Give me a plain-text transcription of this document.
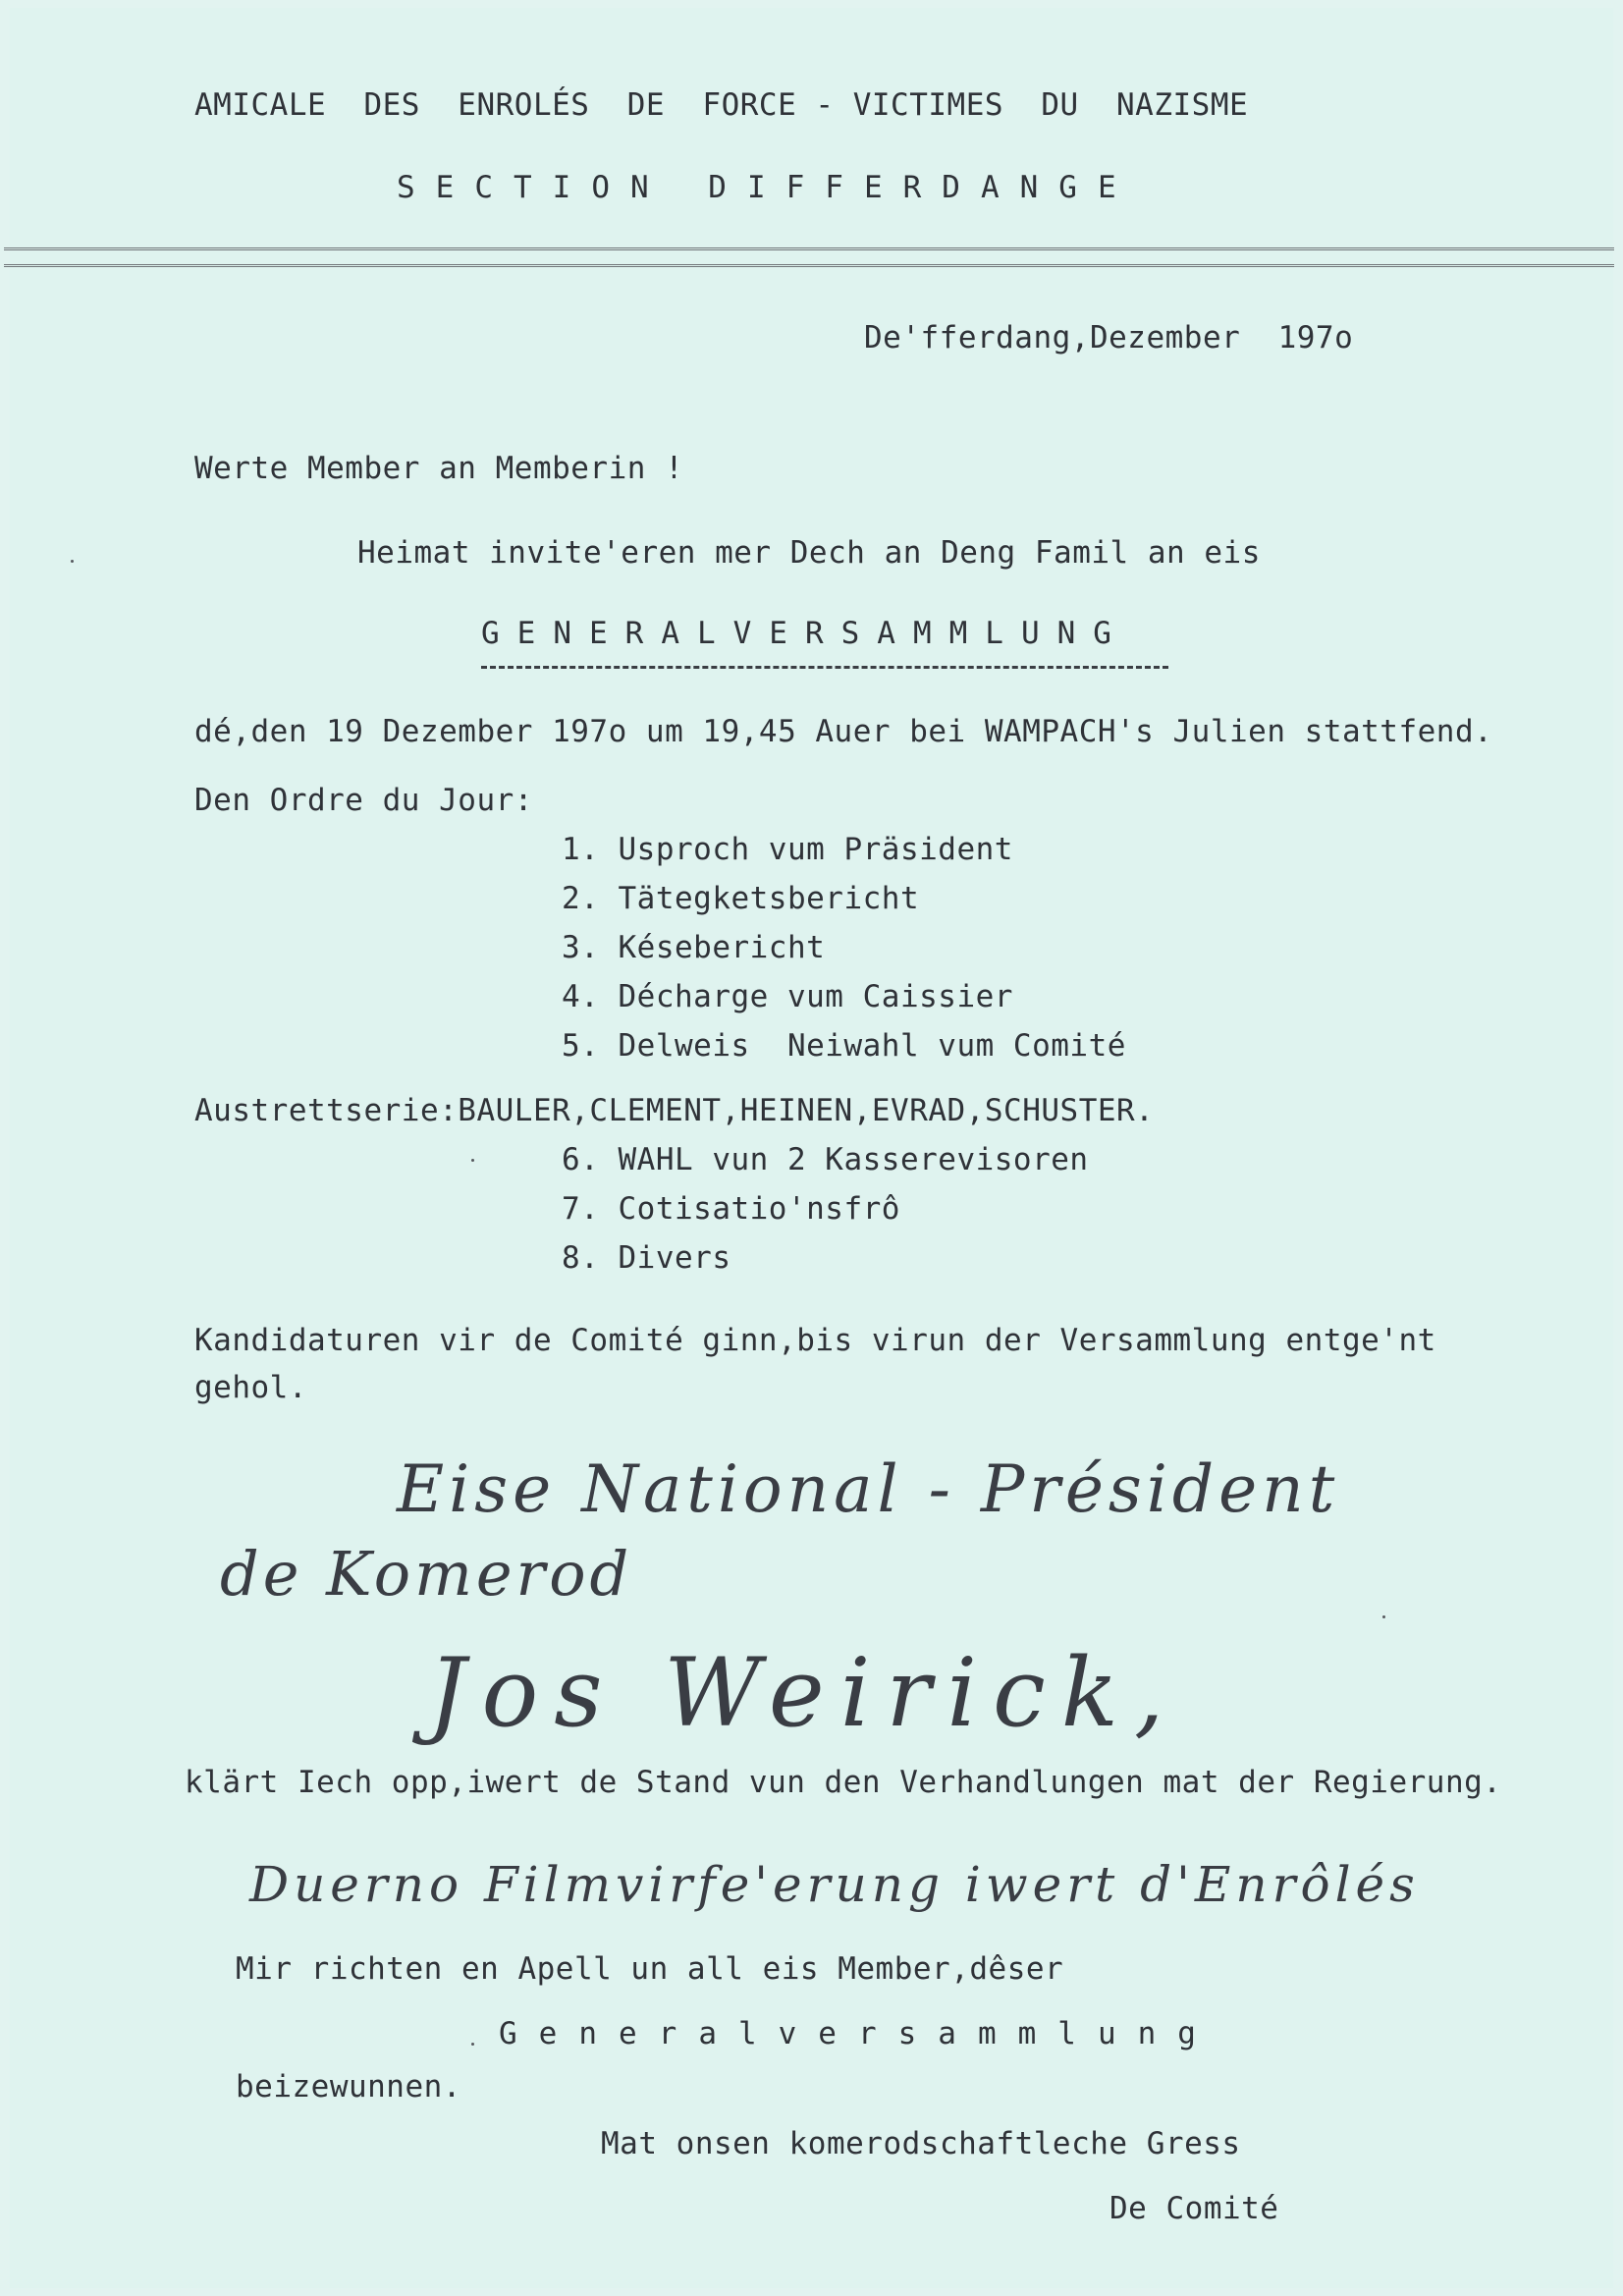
AMICALE  DES  ENROLÉS  DE  FORCE - VICTIMES  DU  NAZISME
SECTION DIFFERDANGE
De'fferdang,Dezember  197o
Werte Member an Memberin !
Heimat invite'eren mer Dech an Deng Famil an eis
GENERALVERSAMMLUNG
dé,den 19 Dezember 197o um 19,45 Auer bei WAMPACH's Julien stattfend.
Den Ordre du Jour:
1. Usproch vum Präsident
2. Tätegketsbericht
3. Késebericht
4. Décharge vum Caissier
5. Delweis  Neiwahl vum Comité
Austrettserie:BAULER,CLEMENT,HEINEN,EVRAD,SCHUSTER.
6. WAHL vun 2 Kasserevisoren
7. Cotisatio'nsfrô
8. Divers
Kandidaturen vir de Comité ginn,bis virun der Versammlung entge'nt
gehol.
Eise National - Président
de Komerod
Jos Weirick,
klärt Iech opp,iwert de Stand vun den Verhandlungen mat der Regierung.
Duerno Filmvirfe'erung iwert d'Enrôlés
Mir richten en Apell un all eis Member,dêser
Generalversammlung
beizewunnen.
Mat onsen komerodschaftleche Gress
De Comité
